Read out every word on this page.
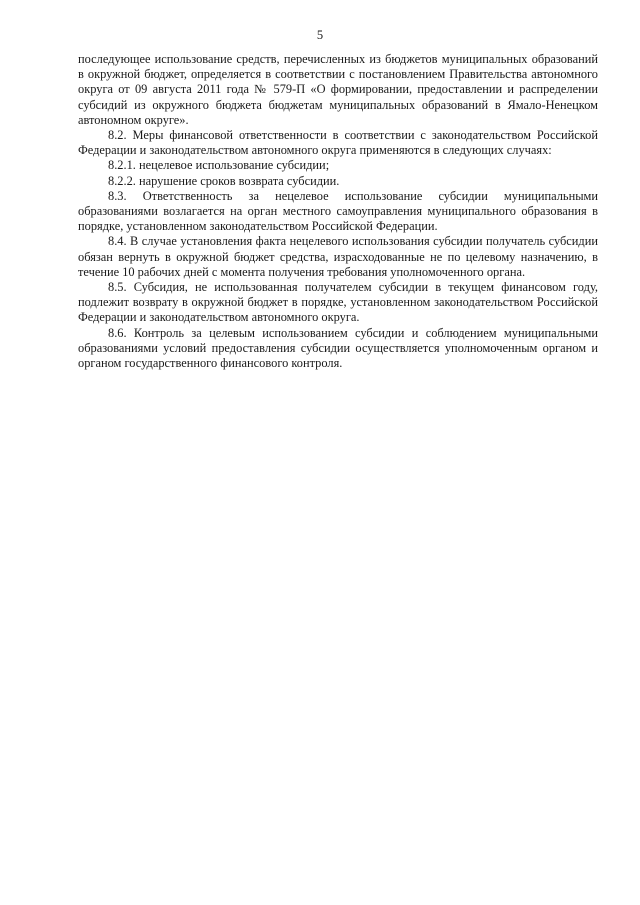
5

последующее использование средств, перечисленных из бюджетов муниципальных образований в окружной бюджет, определяется в соответствии с постановлением Правительства автономного округа от 09 августа 2011 года № 579-П «О формировании, предоставлении и распределении субсидий из окружного бюджета бюджетам муниципальных образований в Ямало-Ненецком автономном округе».

8.2. Меры финансовой ответственности в соответствии с законодательством Российской Федерации и законодательством автономного округа применяются в следующих случаях:

8.2.1. нецелевое использование субсидии;

8.2.2. нарушение сроков возврата субсидии.

8.3. Ответственность за нецелевое использование субсидии муниципальными образованиями возлагается на орган местного самоуправления муниципального образования в порядке, установленном законодательством Российской Федерации.

8.4. В случае установления факта нецелевого использования субсидии получатель субсидии обязан вернуть в окружной бюджет средства, израсходованные не по целевому назначению, в течение 10 рабочих дней с момента получения требования уполномоченного органа.

8.5. Субсидия, не использованная получателем субсидии в текущем финансовом году, подлежит возврату в окружной бюджет в порядке, установленном законодательством Российской Федерации и законодательством автономного округа.

8.6. Контроль за целевым использованием субсидии и соблюдением муниципальными образованиями условий предоставления субсидии осуществляется уполномоченным органом и органом государственного финансового контроля.
